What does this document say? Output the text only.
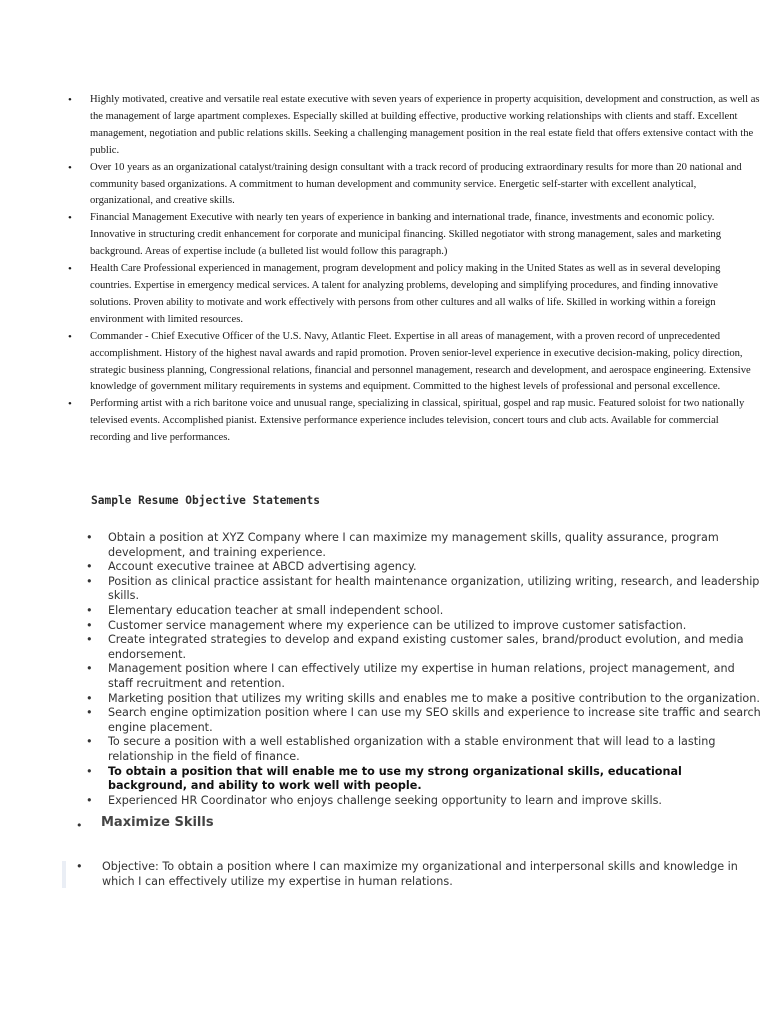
• Highly motivated, creative and versatile real estate executive with seven years of experience in property acquisition, development and construction, as well as the management of large apartment complexes. Especially skilled at building effective, productive working relationships with clients and staff. Excellent management, negotiation and public relations skills. Seeking a challenging management position in the real estate field that offers extensive contact with the public.
• Over 10 years as an organizational catalyst/training design consultant with a track record of producing extraordinary results for more than 20 national and community based organizations. A commitment to human development and community service. Energetic self-starter with excellent analytical, organizational, and creative skills.
• Financial Management Executive with nearly ten years of experience in banking and international trade, finance, investments and economic policy. Innovative in structuring credit enhancement for corporate and municipal financing. Skilled negotiator with strong management, sales and marketing background. Areas of expertise include (a bulleted list would follow this paragraph.)
• Health Care Professional experienced in management, program development and policy making in the United States as well as in several developing countries. Expertise in emergency medical services. A talent for analyzing problems, developing and simplifying procedures, and finding innovative solutions. Proven ability to motivate and work effectively with persons from other cultures and all walks of life. Skilled in working within a foreign environment with limited resources.
• Commander - Chief Executive Officer of the U.S. Navy, Atlantic Fleet. Expertise in all areas of management, with a proven record of unprecedented accomplishment. History of the highest naval awards and rapid promotion. Proven senior-level experience in executive decision-making, policy direction, strategic business planning, Congressional relations, financial and personnel management, research and development, and aerospace engineering. Extensive knowledge of government military requirements in systems and equipment. Committed to the highest levels of professional and personal excellence.
• Performing artist with a rich baritone voice and unusual range, specializing in classical, spiritual, gospel and rap music. Featured soloist for two nationally televised events. Accomplished pianist. Extensive performance experience includes television, concert tours and club acts. Available for commercial recording and live performances.
Sample Resume Objective Statements
• Obtain a position at XYZ Company where I can maximize my management skills, quality assurance, program development, and training experience.
• Account executive trainee at ABCD advertising agency.
• Position as clinical practice assistant for health maintenance organization, utilizing writing, research, and leadership skills.
• Elementary education teacher at small independent school.
• Customer service management where my experience can be utilized to improve customer satisfaction.
• Create integrated strategies to develop and expand existing customer sales, brand/product evolution, and media endorsement.
• Management position where I can effectively utilize my expertise in human relations, project management, and staff recruitment and retention.
• Marketing position that utilizes my writing skills and enables me to make a positive contribution to the organization.
• Search engine optimization position where I can use my SEO skills and experience to increase site traffic and search engine placement.
• To secure a position with a well established organization with a stable environment that will lead to a lasting relationship in the field of finance.
• To obtain a position that will enable me to use my strong organizational skills, educational background, and ability to work well with people.
• Experienced HR Coordinator who enjoys challenge seeking opportunity to learn and improve skills.
• Maximize Skills
• Objective: To obtain a position where I can maximize my organizational and interpersonal skills and knowledge in which I can effectively utilize my expertise in human relations.
